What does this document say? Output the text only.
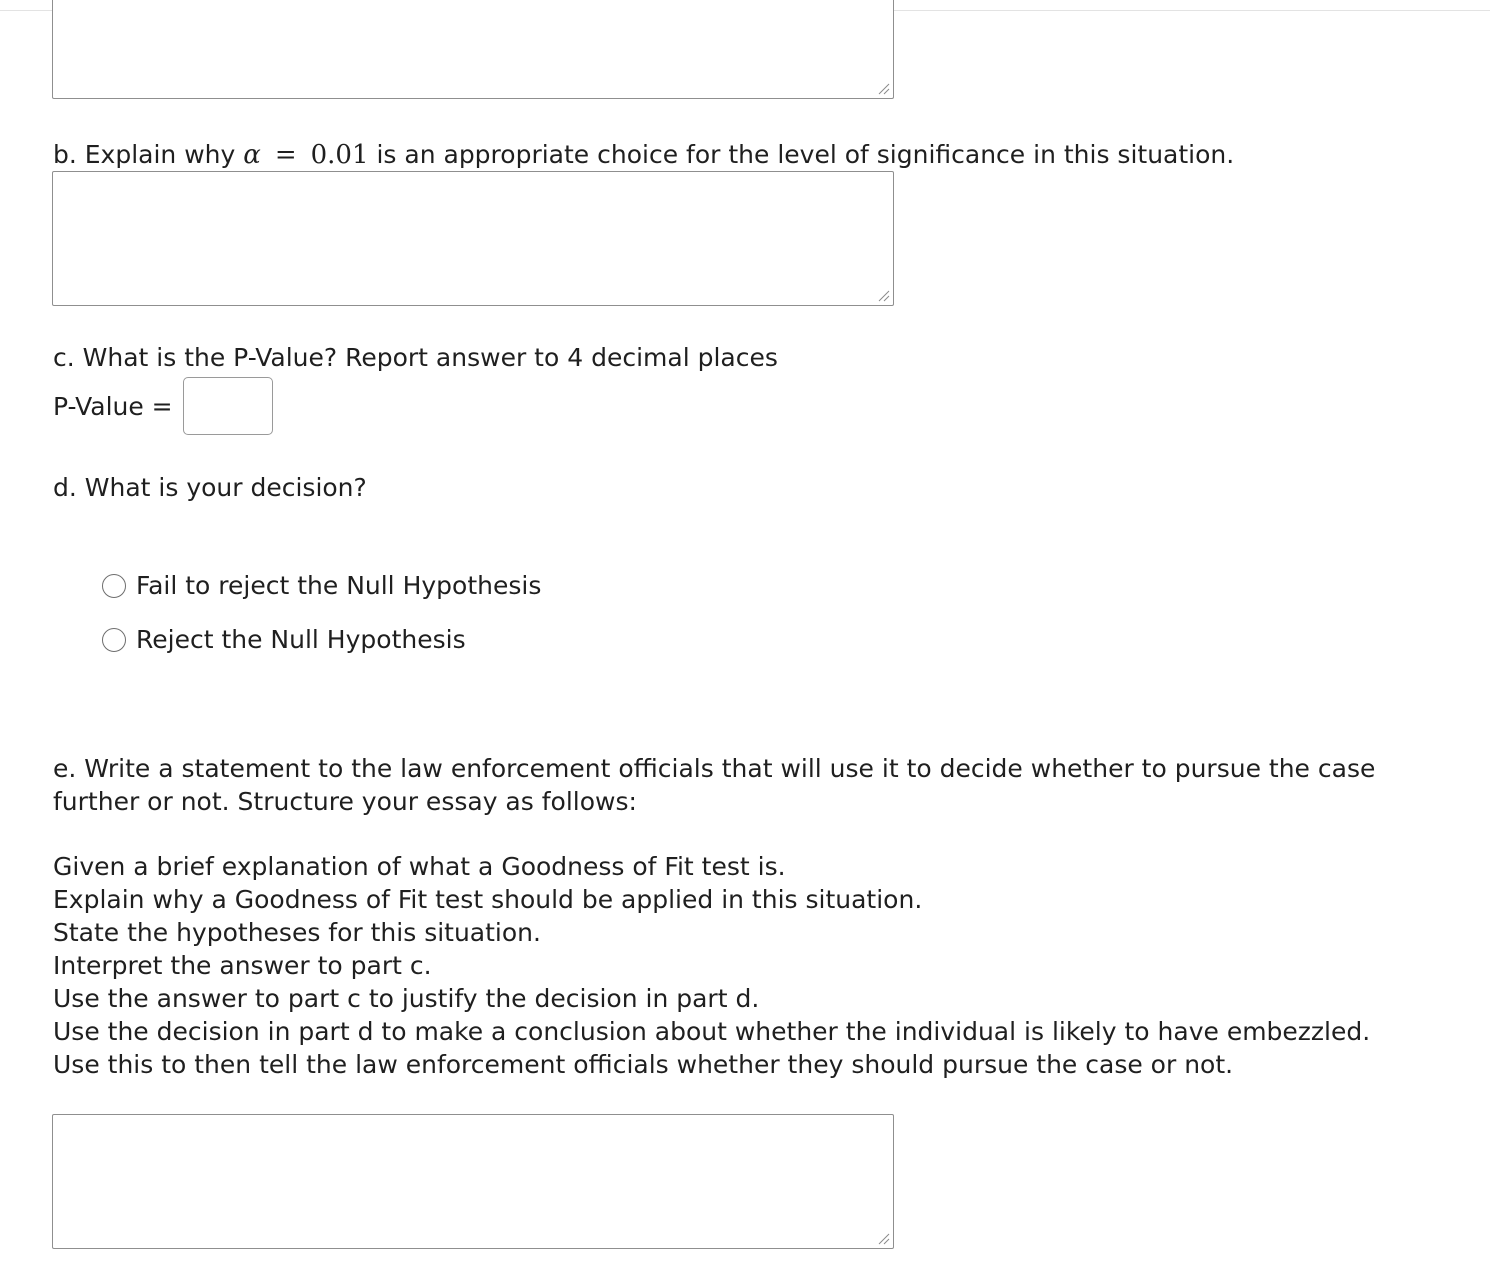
b. Explain why α = 0.01 is an appropriate choice for the level of significance in this situation.

c. What is the P-Value? Report answer to 4 decimal places

P-Value =

d. What is your decision?

Fail to reject the Null Hypothesis
Reject the Null Hypothesis

e. Write a statement to the law enforcement officials that will use it to decide whether to pursue the case further or not. Structure your essay as follows:

Given a brief explanation of what a Goodness of Fit test is.

Explain why a Goodness of Fit test should be applied in this situation.

State the hypotheses for this situation.

Interpret the answer to part c.

Use the answer to part c to justify the decision in part d.

Use the decision in part d to make a conclusion about whether the individual is likely to have embezzled.

Use this to then tell the law enforcement officials whether they should pursue the case or not.
